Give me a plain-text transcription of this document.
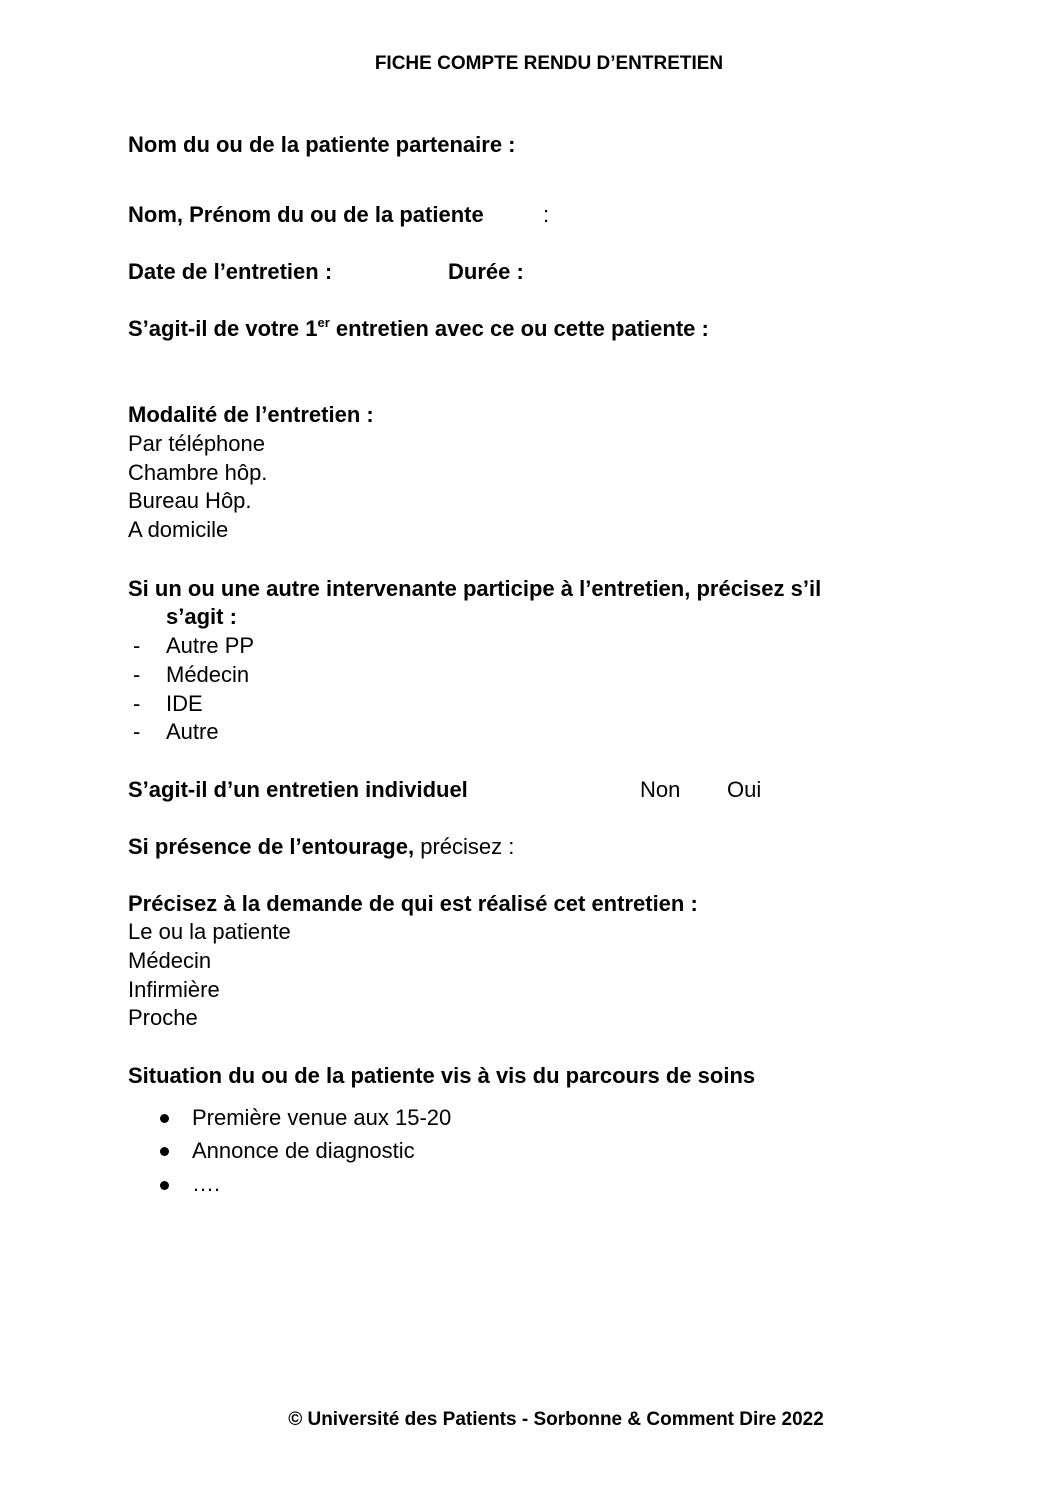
FICHE COMPTE RENDU D’ENTRETIEN
Nom du ou de la patiente partenaire :
Nom, Prénom du ou de la patiente	:
Date de l’entretien :	Durée :
S’agit-il de votre 1er entretien avec ce ou cette patiente :
Modalité de l’entretien :
Par téléphone
Chambre hôp.
Bureau Hôp.
A domicile
Si un ou une autre intervenante participe à l’entretien, précisez s’il
s’agit :
- Autre PP
- Médecin
- IDE
- Autre
S’agit-il d’un entretien individuel	Non Oui
Si présence de l’entourage, précisez :
Précisez à la demande de qui est réalisé cet entretien :
Le ou la patiente
Médecin
Infirmière
Proche
Situation du ou de la patiente vis à vis du parcours de soins
Première venue aux 15-20
Annonce de diagnostic
….
© Université des Patients - Sorbonne & Comment Dire 2022
